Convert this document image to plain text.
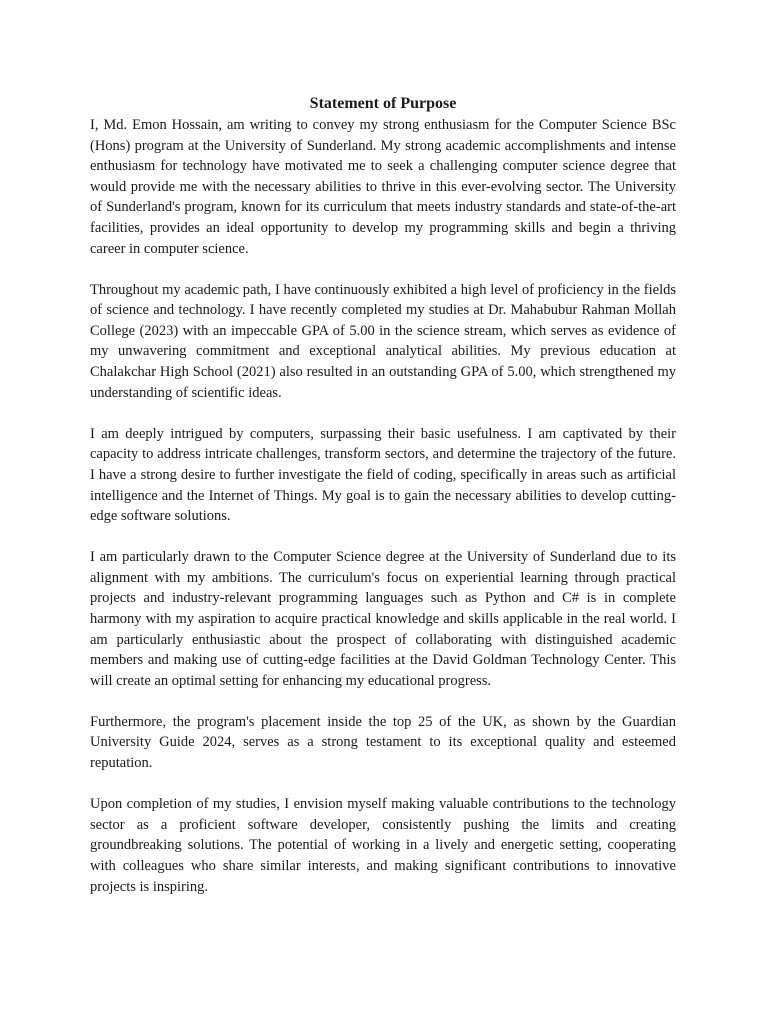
Statement of Purpose

I, Md. Emon Hossain, am writing to convey my strong enthusiasm for the Computer Science BSc (Hons) program at the University of Sunderland. My strong academic accomplishments and intense enthusiasm for technology have motivated me to seek a challenging computer science degree that would provide me with the necessary abilities to thrive in this ever-evolving sector. The University of Sunderland's program, known for its curriculum that meets industry standards and state-of-the-art facilities, provides an ideal opportunity to develop my programming skills and begin a thriving career in computer science.

Throughout my academic path, I have continuously exhibited a high level of proficiency in the fields of science and technology. I have recently completed my studies at Dr. Mahabubur Rahman Mollah College (2023) with an impeccable GPA of 5.00 in the science stream, which serves as evidence of my unwavering commitment and exceptional analytical abilities. My previous education at Chalakchar High School (2021) also resulted in an outstanding GPA of 5.00, which strengthened my understanding of scientific ideas.

I am deeply intrigued by computers, surpassing their basic usefulness. I am captivated by their capacity to address intricate challenges, transform sectors, and determine the trajectory of the future. I have a strong desire to further investigate the field of coding, specifically in areas such as artificial intelligence and the Internet of Things. My goal is to gain the necessary abilities to develop cutting-edge software solutions.

I am particularly drawn to the Computer Science degree at the University of Sunderland due to its alignment with my ambitions. The curriculum's focus on experiential learning through practical projects and industry-relevant programming languages such as Python and C# is in complete harmony with my aspiration to acquire practical knowledge and skills applicable in the real world. I am particularly enthusiastic about the prospect of collaborating with distinguished academic members and making use of cutting-edge facilities at the David Goldman Technology Center. This will create an optimal setting for enhancing my educational progress.

Furthermore, the program's placement inside the top 25 of the UK, as shown by the Guardian University Guide 2024, serves as a strong testament to its exceptional quality and esteemed reputation.

Upon completion of my studies, I envision myself making valuable contributions to the technology sector as a proficient software developer, consistently pushing the limits and creating groundbreaking solutions. The potential of working in a lively and energetic setting, cooperating with colleagues who share similar interests, and making significant contributions to innovative projects is inspiring.
